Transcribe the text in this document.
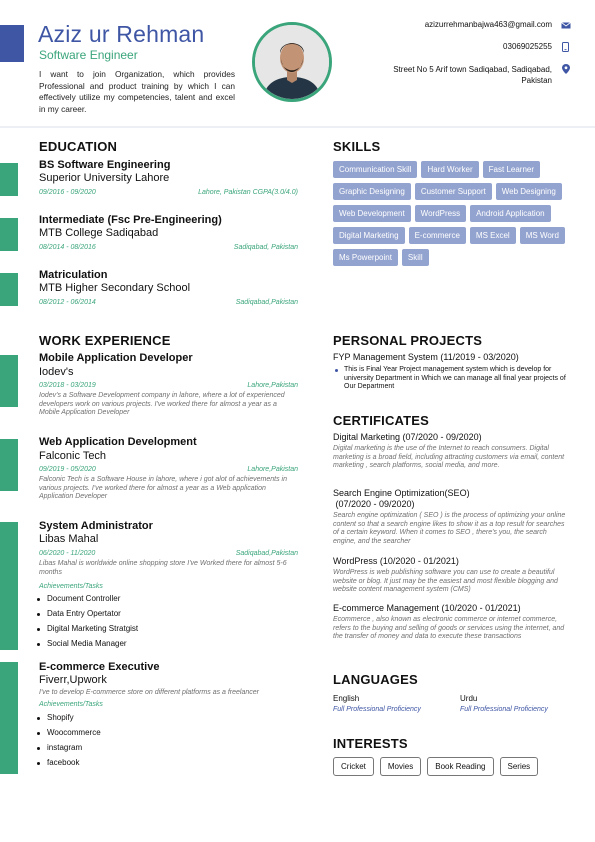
Aziz ur Rehman
Software Engineer
I want to join Organization, which provides Professional and product training by which I can effectively utilize my competencies, talent and excel in my career.
azizurrehmanbajwa463@gmail.com
03069025255
Street No 5 Arif town Sadiqabad, Sadiqabad, Pakistan
EDUCATION
BS Software Engineering
Superior University Lahore
09/2016 - 09/2020	Lahore, Pakistan CGPA(3.0/4.0)
Intermediate (Fsc Pre-Engineering)
MTB College Sadiqabad
08/2014 - 08/2016	Sadiqabad, Pakistan
Matriculation
MTB Higher Secondary School
08/2012 - 06/2014	Sadiqabad,Pakistan
WORK EXPERIENCE
Mobile Application Developer
Iodev's
03/2018 - 03/2019	Lahore,Pakistan
Iodev's a Software Development company in lahore, where a lot of experienced developers work on various projects. I've worked there for almost a year as a Mobile Application Developer
Web Application Development
Falconic Tech
09/2019 - 05/2020	Lahore,Pakistan
Falconic Tech is a Software House in lahore, where i got alot of achievements in various projects. I've worked there for almost a year as a Web application Application Developer
System Administrator
Libas Mahal
06/2020 - 11/2020	Sadiqabad,Pakistan
Libas Mahal is worldwide online shopping store I've Worked there for almost 5-6 months
Achievements/Tasks
Document Controller
Data Entry Opertator
Digital Marketing Stratgist
Social Media Manager
E-commerce Executive
Fiverr,Upwork
I've to develop E-commerce store on different platforms as a freelancer
Achievements/Tasks
Shopify
Woocommerce
instagram
facebook
SKILLS
Communication Skill	Hard Worker	Fast Learner
Graphic Designing	Customer Support	Web Designing
Web Development	WordPress	Android Application
Digital Marketing	E-commerce	MS Excel	MS Word
Ms Powerpoint	Skill
PERSONAL PROJECTS
FYP Management System (11/2019 - 03/2020)
This is Final Year Project management system which is develop for university Department in Which we can manage all final year projects of Our Department
CERTIFICATES
Digital Marketing (07/2020 - 09/2020)
Digital marketing is the use of the Internet to reach consumers. Digital marketing is a broad field, including attracting customers via email, content marketing , search platforms, social media, and more.
Search Engine Optimization(SEO)
(07/2020 - 09/2020)
Search engine optimization ( SEO ) is the process of optimizing your online content so that a search engine likes to show it as a top result for searches of a certain keyword. When it comes to SEO , there's you, the search engine, and the searcher
WordPress (10/2020 - 01/2021)
WordPress is web publishing software you can use to create a beautiful website or blog. It just may be the easiest and most flexible blogging and website content management system (CMS)
E-commerce Management (10/2020 - 01/2021)
Ecommerce , also known as electronic commerce or internet commerce, refers to the buying and selling of goods or services using the internet, and the transfer of money and data to execute these transactions
LANGUAGES
English
Full Professional Proficiency
Urdu
Full Professional Proficiency
INTERESTS
Cricket	Movies	Book Reading	Series
